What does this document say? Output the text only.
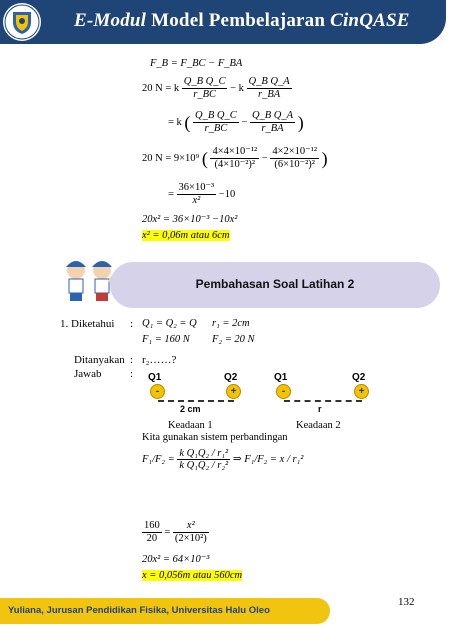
E-Modul Model Pembelajaran CinQASE
F_B = F_BC − F_BA
20 N = k $\frac{\text{Q\_B Q\_C}}{r\_BC} - k \frac{\text{Q\_B Q\_A}}{r\_BA}$
= k ( $\frac{\text{Q\_B Q\_C}}{r\_BC} - \frac{\text{Q\_B Q\_A}}{r\_BA}$ )
20 N = 9×10⁹ ( $\frac{\text{4×4×10⁻¹²}}{\text{(4×10⁻²)²}} - \frac{\text{4×2×10⁻¹²}}{\text{(6×10⁻²)²}}$ )
= $\frac{\text{36×10⁻³}}{\text{x²}} -10$
20x² = 36×10⁻³ −10x²
x² = 0,06m atau 6cm
Pembahasan Soal Latihan 2
1. Diketahui : Q₁ = Q₂ = Q r₁ = 2cm
F₁ = 160 N F₂ = 20 N
Ditanyakan : r₂……?
Jawab	: Q1	Q2
-	+
2 cm
Keadaan 1
Q1	Q2
-	+
r
Keadaan 2
Kita gunakan sistem perbandingan
$F_1/F_2 = \frac{\text{k Q₁Q₂ / r₁²}}{\text{k Q₁Q₂ / r₂²}}$ ⇒ F₁/F₂ = x / r₁²
$\frac{160}{20} = \frac{\text{x²}}{\text{(2×10²)}}$
20x² = 64×10⁻³
x = 0,056m atau 560cm
Yuliana, Jurusan Pendidikan Fisika, Universitas Halu Oleo
132
